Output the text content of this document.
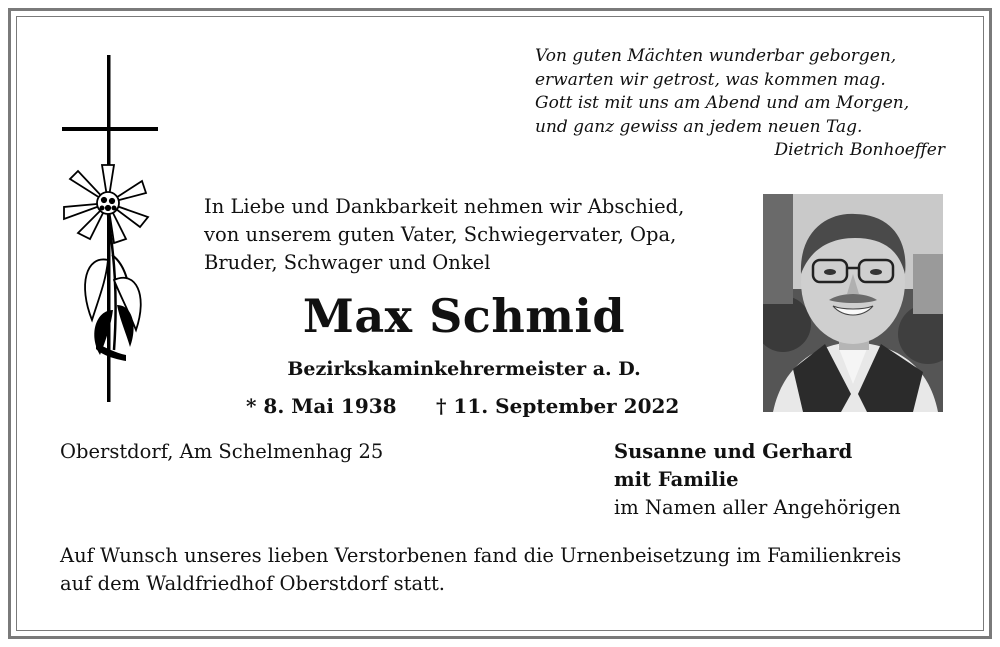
Von guten Mächten wunderbar geborgen,
erwarten wir getrost, was kommen mag.
Gott ist mit uns am Abend und am Morgen,
und ganz gewiss an jedem neuen Tag.
Dietrich Bonhoeffer
In Liebe und Dankbarkeit nehmen wir Abschied,
von unserem guten Vater, Schwiegervater, Opa,
Bruder, Schwager und Onkel
Max Schmid
Bezirkskaminkehrermeister a. D.
* 8. Mai 1938 † 11. September 2022
Oberstdorf, Am Schelmenhag 25	Susanne und Gerhard
mit Familie
im Namen aller Angehörigen
Auf Wunsch unseres lieben Verstorbenen fand die Urnenbeisetzung im Familienkreis
auf dem Waldfriedhof Oberstdorf statt.
